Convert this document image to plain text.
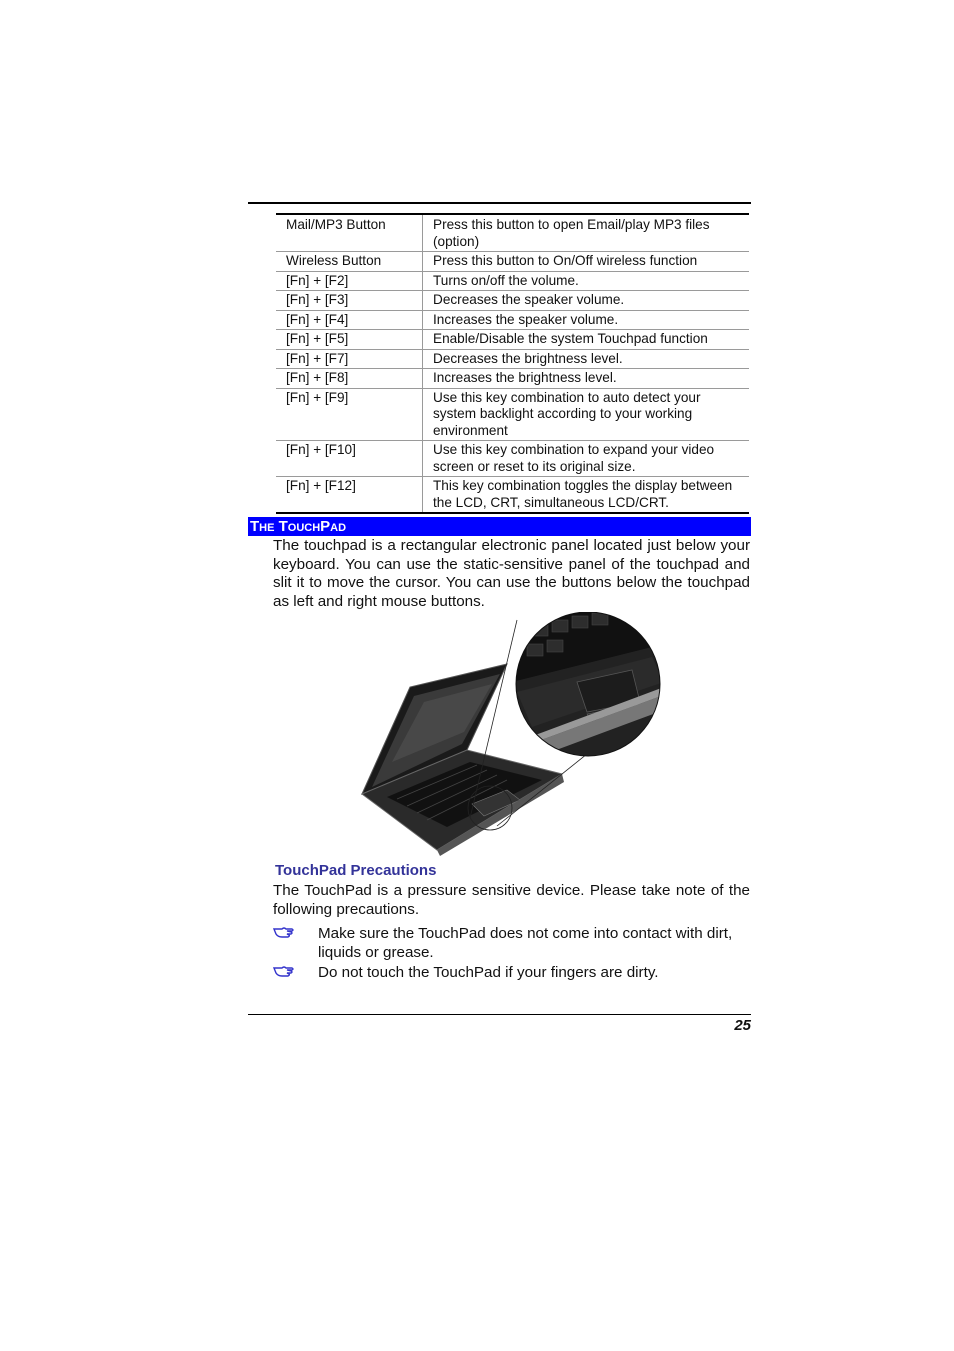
Mail/MP3 Button	Press this button to open Email/play MP3 files (option)
Wireless Button	Press this button to On/Off wireless function
[Fn] + [F2]	Turns on/off the volume.
[Fn] + [F3]	Decreases the speaker volume.
[Fn] + [F4]	Increases the speaker volume.
[Fn] + [F5]	Enable/Disable the system Touchpad function
[Fn] + [F7]	Decreases the brightness level.
[Fn] + [F8]	Increases the brightness level.
[Fn] + [F9]	Use this key combination to auto detect your system backlight according to your working environment
[Fn] + [F10]	Use this key combination to expand your video screen or reset to its original size.
[Fn] + [F12]	This key combination toggles the display between the LCD, CRT, simultaneous LCD/CRT.
The TouchPad
The touchpad is a rectangular electronic panel located just below your keyboard. You can use the static-sensitive panel of the touchpad and slit it to move the cursor. You can use the buttons below the touchpad as left and right mouse buttons.
TouchPad Precautions
The TouchPad is a pressure sensitive device. Please take note of the following precautions.
Make sure the TouchPad does not come into contact with dirt, liquids or grease.
Do not touch the TouchPad if your fingers are dirty.
25
